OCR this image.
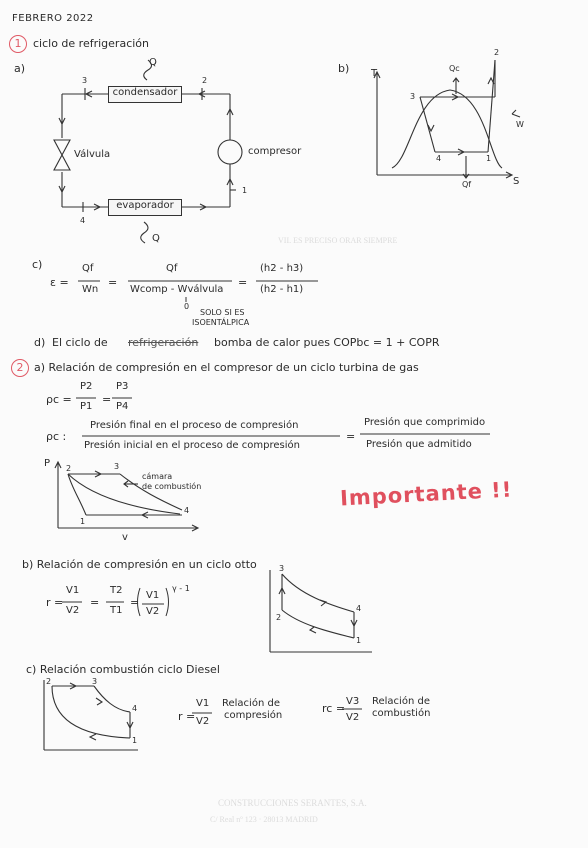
VII. ES PRECISO ORAR SIEMPRE
CONSTRUCCIONES SERANTES, S.A.
C/ Real nº 123 · 28013 MADRID
FEBRERO 2022
1	ciclo de refrigeración
a)
condensador
evaporador
Q
Q
Válvula	compresor
3	2
1
4
b) T
S
Qc
Qf
W
2
3
4	1
c)
ε =
Qf
Wn
=
Qf
Wcomp - Wválvula
=
(h2 - h3)
(h2 - h1)
0
SOLO SI ES
ISOENTÁLPICA
d) El ciclo de refrigeración bomba de calor pues COPbc = 1 + COPR
2 a) Relación de compresión en el compresor de un ciclo turbina de gas
ρc =
P2
P1
=
P3
P4
ρc :
Presión final en el proceso de compresión
Presión inicial en el proceso de compresión
=
Presión que comprimido
Presión que admitido
P 2	3
4
1
cámara
de combustión
v
Importante !!
b) Relación de compresión en un ciclo otto
r =
V1
V2
=
T2
T1
=
V1
V2
γ - 1
3
2
4
1
c) Relación combustión ciclo Diesel
2	3
4
1
r =
V1
V2
Relación de
compresión
rc =
V3
V2
Relación de
combustión
